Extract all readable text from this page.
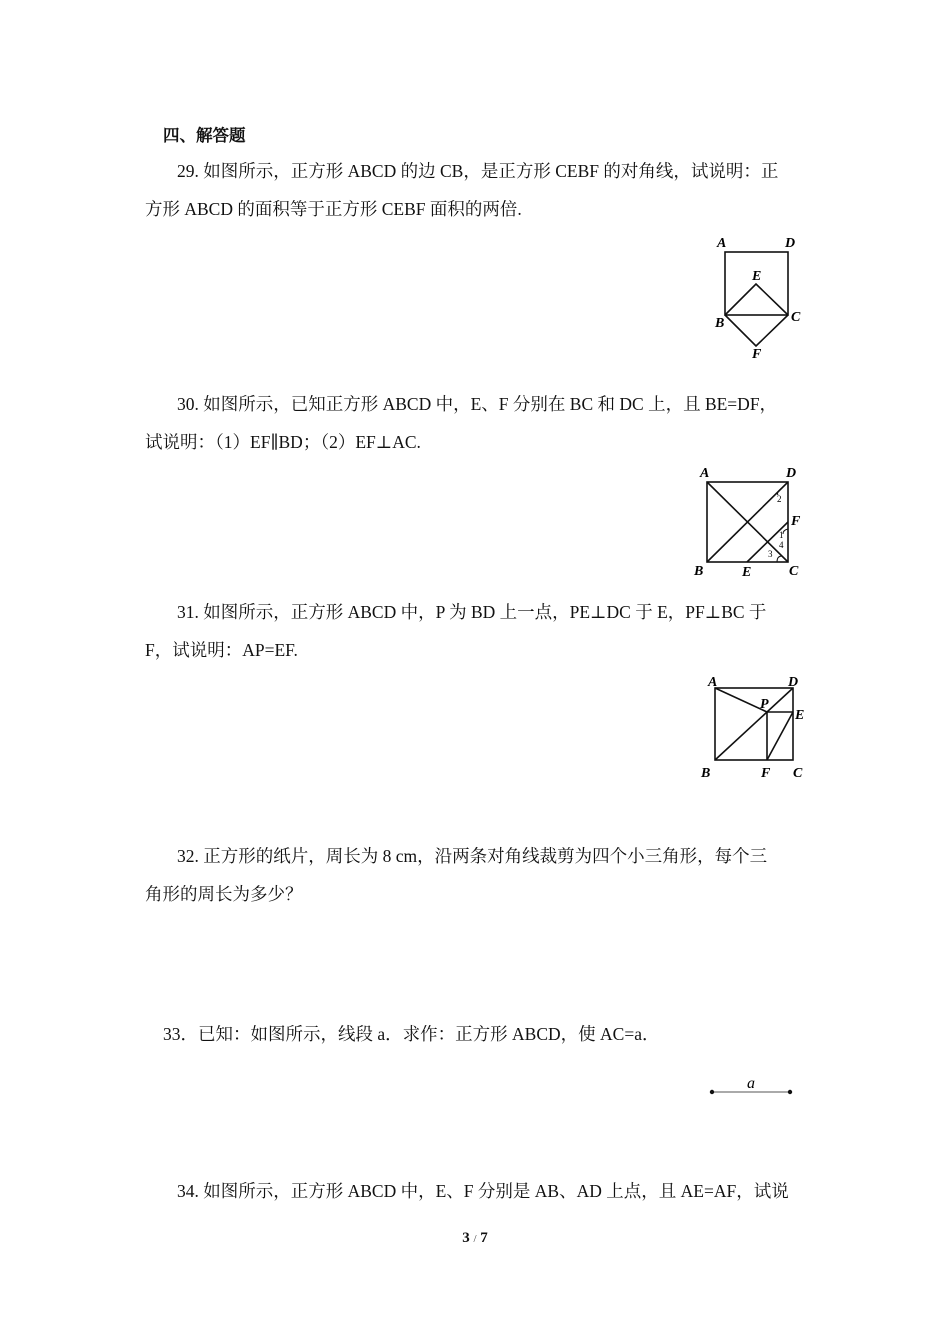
四、解答题
29. 如图所示，正方形 ABCD 的边 CB，是正方形 CEBF 的对角线，试说明：正
方形 ABCD 的面积等于正方形 CEBF 面积的两倍.
A	D
E
B	C
F
30. 如图所示，已知正方形 ABCD 中，E、F 分别在 BC 和 DC 上，且 BE=DF，
试说明：（1）EF∥BD；（2）EF⊥AC.
A	D
F
B	E	C
2
1
4
3
31. 如图所示，正方形 ABCD 中，P 为 BD 上一点，PE⊥DC 于 E，PF⊥BC 于
F，试说明：AP=EF.
A	D
P
E
B	F C
32. 正方形的纸片，周长为 8 cm，沿两条对角线裁剪为四个小三角形，每个三
角形的周长为多少？
33．已知：如图所示，线段 a．求作：正方形 ABCD，使 AC=a．
a
34. 如图所示，正方形 ABCD 中，E、F 分别是 AB、AD 上点，且 AE=AF，试说
3 / 7
